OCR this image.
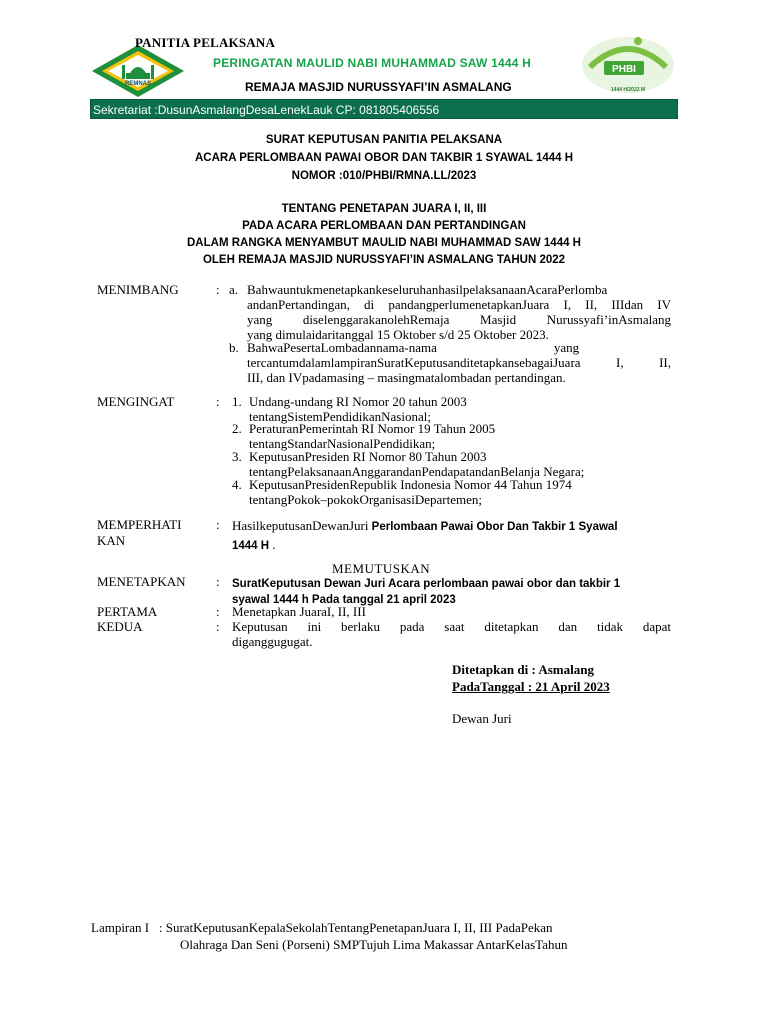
REMNAS
PANITIA PELAKSANA
PERINGATAN MAULID NABI MUHAMMAD SAW 1444 H
REMAJA MASJID NURUSSYAFI’IN ASMALANG
PHBI
1444 H/2022 M
Sekretariat :DusunAsmalangDesaLenekLauk CP: 081805406556
SURAT KEPUTUSAN PANITIA PELAKSANA
ACARA PERLOMBAAN PAWAI OBOR DAN TAKBIR 1 SYAWAL 1444 H
NOMOR :010/PHBI/RMNA.LL/2023
TENTANG PENETAPAN JUARA I, II, III
PADA ACARA PERLOMBAAN DAN PERTANDINGAN
DALAM RANGKA MENYAMBUT MAULID NABI MUHAMMAD SAW 1444 H
OLEH REMAJA MASJID NURUSSYAFI’IN ASMALANG TAHUN 2022
MENIMBANG	: a. BahwauntukmenetapkankeseluruhanhasilpelaksanaanAcaraPerlomba
andanPertandingan, di pandangperlumenetapkanJuara I, II, IIIdan IV
yang diselenggarakanolehRemaja Masjid Nurussyafi’inAsmalang
yang dimulaidaritanggal 15 Oktober s/d 25 Oktober 2023.
b. BahwaPesertaLombadannama-nama                                    yang
tercantumdalamlampiranSuratKeputusanditetapkansebagaiJuara I, II,
III, dan IVpadamasing – masingmatalombadan pertandingan.
MENGINGAT	: 1. Undang-undang RI Nomor 20 tahun 2003
tentangSistemPendidikanNasional;
2. PeraturanPemerintah RI Nomor 19 Tahun 2005
tentangStandarNasionalPendidikan;
3. KeputusanPresiden RI Nomor 80 Tahun 2003
tentangPelaksanaanAnggarandanPendapatandanBelanja Negara;
4. KeputusanPresidenRepublik Indonesia Nomor 44 Tahun 1974
tentangPokok–pokokOrganisasiDepartemen;
MEMPERHATI
KAN
: HasilkeputusanDewanJuri Perlombaan Pawai Obor Dan Takbir 1 Syawal
1444 H .
MEMUTUSKAN
MENETAPKAN : SuratKeputusan Dewan Juri Acara perlombaan pawai obor dan takbir 1
syawal 1444 h Pada tanggal 21 april 2023
PERTAMA	: Menetapkan JuaraI, II, III
KEDUA	: Keputusan ini berlaku pada saat ditetapkan dan tidak dapat
diganggugugat.
Ditetapkan di : Asmalang
PadaTanggal : 21 April 2023
Dewan Juri
Lampiran I   : SuratKeputusanKepalaSekolahTentangPenetapanJuara I, II, III PadaPekan
Olahraga Dan Seni (Porseni) SMPTujuh Lima Makassar AntarKelasTahun
